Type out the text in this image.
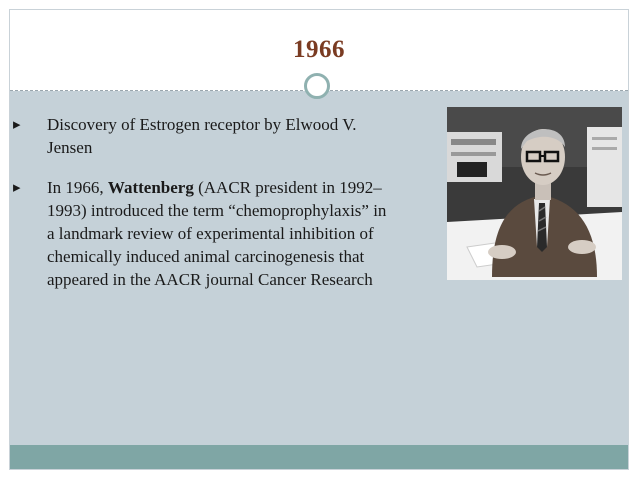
1966
▸	Discovery of Estrogen receptor by Elwood V. Jensen
▸	In 1966, Wattenberg (AACR president in 1992–1993) introduced the term “chemoprophylaxis” in a landmark review of experimental inhibition of chemically induced animal carcinogenesis that appeared in the AACR journal Cancer Research
